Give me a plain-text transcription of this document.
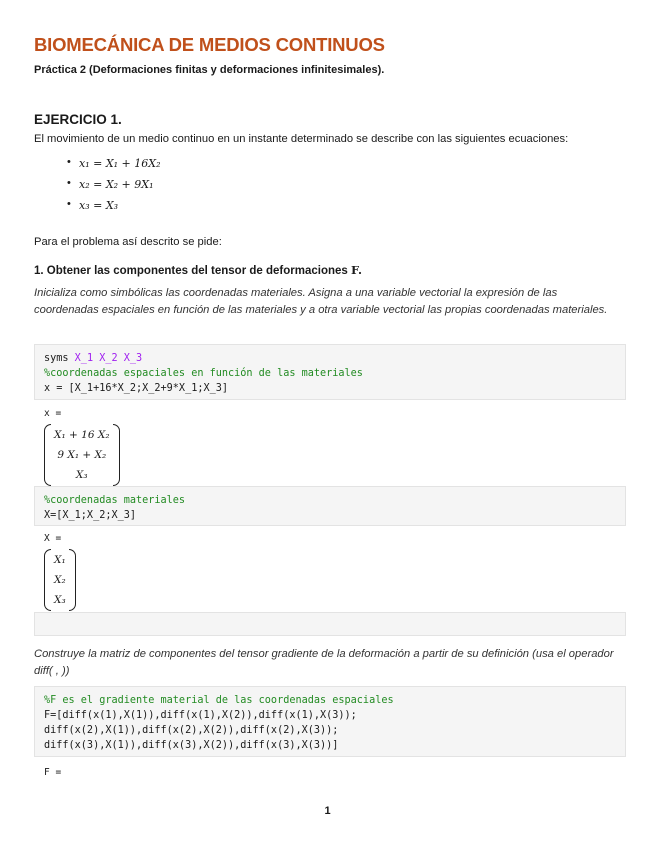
BIOMECÁNICA DE MEDIOS CONTINUOS
Práctica 2 (Deformaciones finitas y deformaciones infinitesimales).
EJERCICIO 1.
El movimiento de un medio continuo en un instante determinado se describe con las siguientes ecuaciones:
• x₁ = X₁ + 16X₂
• x₂ = X₂ + 9X₁
• x₃ = X₃
Para el problema así descrito se pide:
1. Obtener las componentes del tensor de deformaciones F.
Inicializa como simbólicas las coordenadas materiales. Asigna a una variable vectorial la expresión de las coordenadas espaciales en función de las materiales y a otra variable vectorial las propias coordenadas materiales.
syms X_1 X_2 X_3
%coordenadas espaciales en función de las materiales
x = [X_1+16*X_2;X_2+9*X_1;X_3]
x =
X₁ + 16 X₂
9 X₁ + X₂
X₃
%coordenadas materiales
X=[X_1;X_2;X_3]
X =
X₁
X₂
X₃
Construye la matriz de componentes del tensor gradiente de la deformación a partir de su definición (usa el operador diff( , ))
%F es el gradiente material de las coordenadas espaciales
F=[diff(x(1),X(1)),diff(x(1),X(2)),diff(x(1),X(3));
diff(x(2),X(1)),diff(x(2),X(2)),diff(x(2),X(3));
diff(x(3),X(1)),diff(x(3),X(2)),diff(x(3),X(3))]
F =
1
